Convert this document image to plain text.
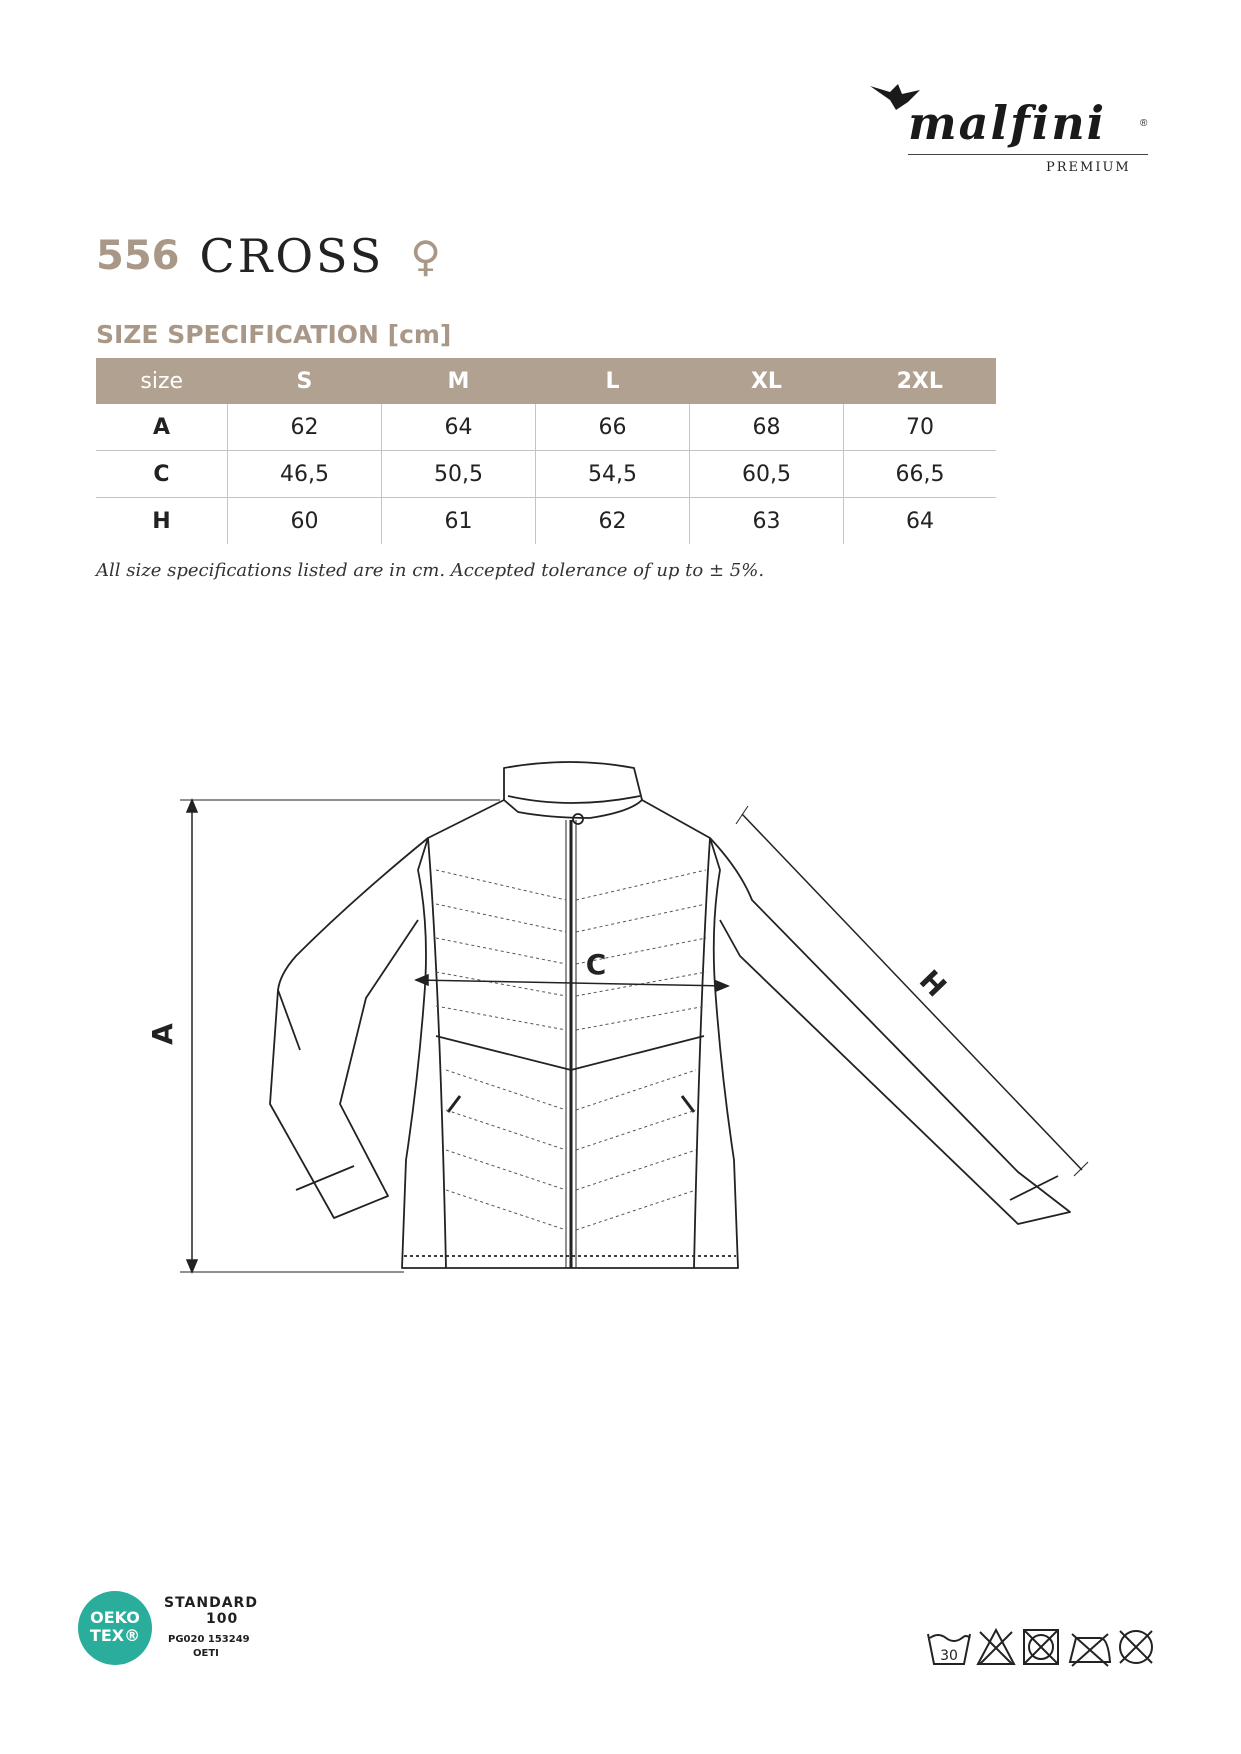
malfini	®
PREMIUM
556 CROSS ♀
SIZE SPECIFICATION [cm]
size	S	M	L	XL	2XL
A	62	64	66	68	70
C	46,5	50,5	54,5	60,5	66,5
H	60	61	62	63	64
All size specifications listed are in cm. Accepted tolerance of up to ± 5%.
A
C	H
OEKO
TEX®
STANDARD
100
PG020 153249
OETI	30
